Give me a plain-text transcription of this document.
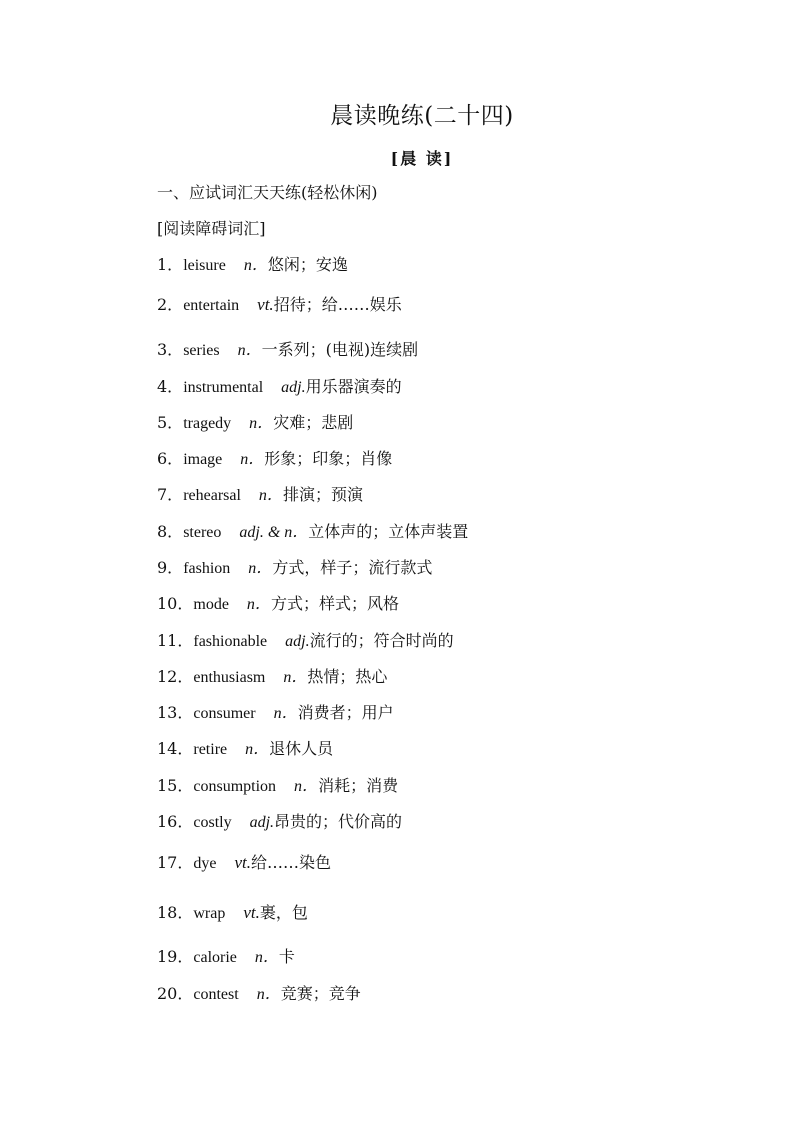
晨读晚练(二十四)
[晨 读]
一、应试词汇天天练(轻松休闲)
[阅读障碍词汇]
1．leisure n．悠闲；安逸
2．entertain vt.招待；给……娱乐
3．series n．一系列；(电视)连续剧
4．instrumental adj.用乐器演奏的
5．tragedy n．灾难；悲剧
6．image n．形象；印象；肖像
7．rehearsal n．排演；预演
8．stereo adj. & n．立体声的；立体声装置
9．fashion n．方式，样子；流行款式
10．mode n．方式；样式；风格
11．fashionable adj.流行的；符合时尚的
12．enthusiasm n．热情；热心
13．consumer n．消费者；用户
14．retire n．退休人员
15．consumption n．消耗；消费
16．costly adj.昂贵的；代价高的
17．dye vt.给……染色
18．wrap vt.裹，包
19．calorie n．卡
20．contest n．竞赛；竞争
